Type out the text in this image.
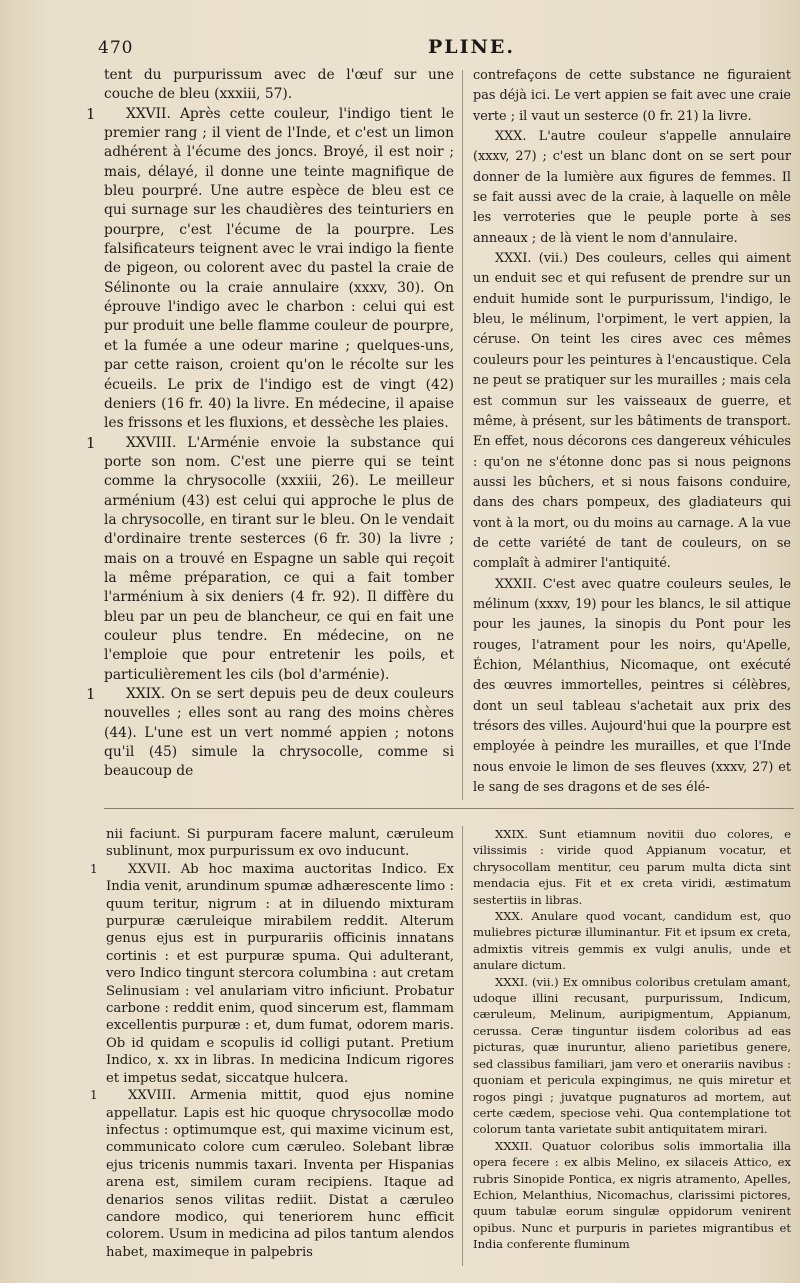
470	PLINE.

tent du purpurissum avec de l'œuf sur une couche de bleu (xxxiii, 57).

1	XXVII. Après cette couleur, l'indigo tient le premier rang ; il vient de l'Inde, et c'est un limon adhérent à l'écume des joncs. Broyé, il est noir ; mais, délayé, il donne une teinte magnifique de bleu pourpré. Une autre espèce de bleu est ce qui surnage sur les chaudières des teinturiers en pourpre, c'est l'écume de la pourpre. Les falsificateurs teignent avec le vrai indigo la fiente de pigeon, ou colorent avec du pastel la craie de Sélinonte ou la craie annulaire (xxxv, 30). On éprouve l'indigo avec le charbon : celui qui est pur produit une belle flamme couleur de pourpre, et la fumée a une odeur marine ; quelques-uns, par cette raison, croient qu'on le récolte sur les écueils. Le prix de l'indigo est de vingt (42) deniers (16 fr. 40) la livre. En médecine, il apaise les frissons et les fluxions, et dessèche les plaies.

1	XXVIII. L'Arménie envoie la substance qui porte son nom. C'est une pierre qui se teint comme la chrysocolle (xxxiii, 26). Le meilleur arménium (43) est celui qui approche le plus de la chrysocolle, en tirant sur le bleu. On le vendait d'ordinaire trente sesterces (6 fr. 30) la livre ; mais on a trouvé en Espagne un sable qui reçoit la même préparation, ce qui a fait tomber l'arménium à six deniers (4 fr. 92). Il diffère du bleu par un peu de blancheur, ce qui en fait une couleur plus tendre. En médecine, on ne l'emploie que pour entretenir les poils, et particulièrement les cils (bol d'arménie).

1	XXIX. On se sert depuis peu de deux couleurs nouvelles ; elles sont au rang des moins chères (44). L'une est un vert nommé appien ; notons qu'il (45) simule la chrysocolle, comme si beaucoup de

contrefaçons de cette substance ne figuraient pas déjà ici. Le vert appien se fait avec une craie verte ; il vaut un sesterce (0 fr. 21) la livre.

XXX. L'autre couleur s'appelle annulaire (xxxv, 27) ; c'est un blanc dont on se sert pour donner de la lumière aux figures de femmes. Il se fait aussi avec de la craie, à laquelle on mêle les verroteries que le peuple porte à ses anneaux ; de là vient le nom d'annulaire.

XXXI. (vii.) Des couleurs, celles qui aiment un enduit sec et qui refusent de prendre sur un enduit humide sont le purpurissum, l'indigo, le bleu, le mélinum, l'orpiment, le vert appien, la céruse. On teint les cires avec ces mêmes couleurs pour les peintures à l'encaustique. Cela ne peut se pratiquer sur les murailles ; mais cela est commun sur les vaisseaux de guerre, et même, à présent, sur les bâtiments de transport. En effet, nous décorons ces dangereux véhicules : qu'on ne s'étonne donc pas si nous peignons aussi les bûchers, et si nous faisons conduire, dans des chars pompeux, des gladiateurs qui vont à la mort, ou du moins au carnage. A la vue de cette variété de tant de couleurs, on se complaît à admirer l'antiquité.

XXXII. C'est avec quatre couleurs seules, le mélinum (xxxv, 19) pour les blancs, le sil attique pour les jaunes, la sinopis du Pont pour les rouges, l'atrament pour les noirs, qu'Apelle, Échion, Mélanthius, Nicomaque, ont exécuté des œuvres immortelles, peintres si célèbres, dont un seul tableau s'achetait aux prix des trésors des villes. Aujourd'hui que la pourpre est employée à peindre les murailles, et que l'Inde nous envoie le limon de ses fleuves (xxxv, 27) et le sang de ses dragons et de ses élé-

nii faciunt. Si purpuram facere malunt, cæruleum sublinunt, mox purpurissum ex ovo inducunt.

1	XXVII. Ab hoc maxima auctoritas Indico. Ex India venit, arundinum spumæ adhærescente limo : quum teritur, nigrum : at in diluendo mixturam purpuræ cæruleique mirabilem reddit. Alterum genus ejus est in purpurariis officinis innatans cortinis : et est purpuræ spuma. Qui adulterant, vero Indico tingunt stercora columbina : aut cretam Selinusiam : vel anulariam vitro inficiunt. Probatur carbone : reddit enim, quod sincerum est, flammam excellentis purpuræ : et, dum fumat, odorem maris. Ob id quidam e scopulis id colligi putant. Pretium Indico, x. xx in libras. In medicina Indicum rigores et impetus sedat, siccatque hulcera.

1	XXVIII. Armenia mittit, quod ejus nomine appellatur. Lapis est hic quoque chrysocollæ modo infectus : optimumque est, qui maxime vicinum est, communicato colore cum cæruleo. Solebant libræ ejus tricenis nummis taxari. Inventa per Hispanias arena est, similem curam recipiens. Itaque ad denarios senos vilitas rediit. Distat a cæruleo candore modico, qui teneriorem hunc efficit colorem. Usum in medicina ad pilos tantum alendos habet, maximeque in palpebris

XXIX. Sunt etiamnum novitii duo colores, e vilissimis : viride quod Appianum vocatur, et chrysocollam mentitur, ceu parum multa dicta sint mendacia ejus. Fit et ex creta viridi, æstimatum sestertiis in libras.

XXX. Anulare quod vocant, candidum est, quo muliebres picturæ illuminantur. Fit et ipsum ex creta, admixtis vitreis gemmis ex vulgi anulis, unde et anulare dictum.

XXXI. (vii.) Ex omnibus coloribus cretulam amant, udoque illini recusant, purpurissum, Indicum, cæruleum, Melinum, auripigmentum, Appianum, cerussa. Ceræ tinguntur iisdem coloribus ad eas picturas, quæ inuruntur, alieno parietibus genere, sed classibus familiari, jam vero et onerariis navibus : quoniam et pericula expingimus, ne quis miretur et rogos pingi ; juvatque pugnaturos ad mortem, aut certe cædem, speciose vehi. Qua contemplatione tot colorum tanta varietate subit antiquitatem mirari.

XXXII. Quatuor coloribus solis immortalia illa opera fecere : ex albis Melino, ex silaceis Attico, ex rubris Sinopide Pontica, ex nigris atramento, Apelles, Echion, Melanthius, Nicomachus, clarissimi pictores, quum tabulæ eorum singulæ oppidorum venirent opibus. Nunc et purpuris in parietes migrantibus et India conferente fluminum
